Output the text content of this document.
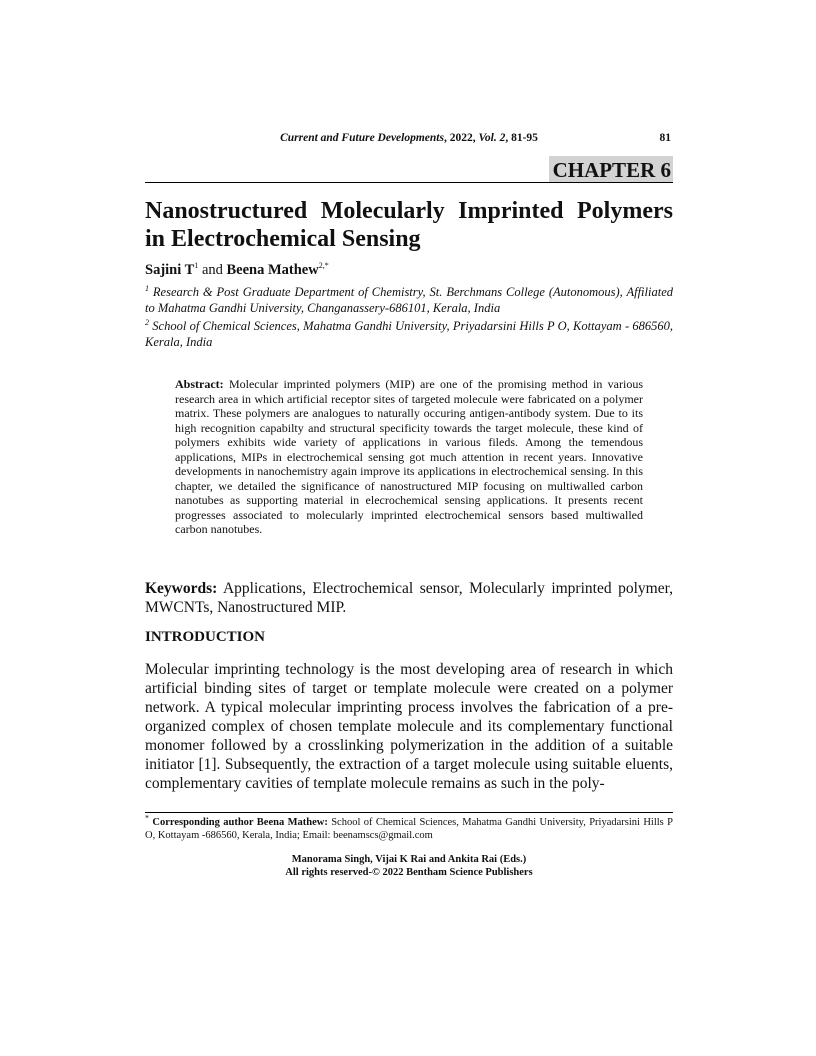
Current and Future Developments, 2022, Vol. 2, 81-95	81
CHAPTER 6
Nanostructured Molecularly Imprinted Polymers in Electrochemical Sensing
Sajini $T^1$ and Beena Mathew$^{2,*}$
$^1$ Research & Post Graduate Department of Chemistry, St. Berchmans College (Autonomous), Affiliated to Mahatma Gandhi University, Changanassery-686101, Kerala, India
$^2$ School of Chemical Sciences, Mahatma Gandhi University, Priyadarsini Hills P O, Kottayam - 686560, Kerala, India
Abstract: Molecular imprinted polymers (MIP) are one of the promising method in various research area in which artificial receptor sites of targeted molecule were fabricated on a polymer matrix. These polymers are analogues to naturally occuring antigen-antibody system. Due to its high recognition capabilty and structural specificity towards the target molecule, these kind of polymers exhibits wide variety of applications in various fileds. Among the temendous applications, MIPs in electrochemical sensing got much attention in recent years. Innovative developments in nanochemistry again improve its applications in electrochemical sensing. In this chapter, we detailed the significance of nanostructured MIP focusing on multiwalled carbon nanotubes as supporting material in elecrochemical sensing applications. It presents recent progresses associated to molecularly imprinted electrochemical sensors based multiwalled carbon nanotubes.
Keywords: Applications, Electrochemical sensor, Molecularly imprinted polymer, MWCNTs, Nanostructured MIP.
INTRODUCTION
Molecular imprinting technology is the most developing area of research in which artificial binding sites of target or template molecule were created on a polymer network. A typical molecular imprinting process involves the fabrication of a pre-organized complex of chosen template molecule and its complementary functional monomer followed by a crosslinking polymerization in the addition of a suitable initiator [1]. Subsequently, the extraction of a target molecule using suitable eluents, complementary cavities of template molecule remains as such in the poly-
* Corresponding author Beena Mathew: School of Chemical Sciences, Mahatma Gandhi University, Priyadarsini Hills P O, Kottayam -686560, Kerala, India; Email: beenamscs@gmail.com
Manorama Singh, Vijai K Rai and Ankita Rai (Eds.)
All rights reserved-© 2022 Bentham Science Publishers
